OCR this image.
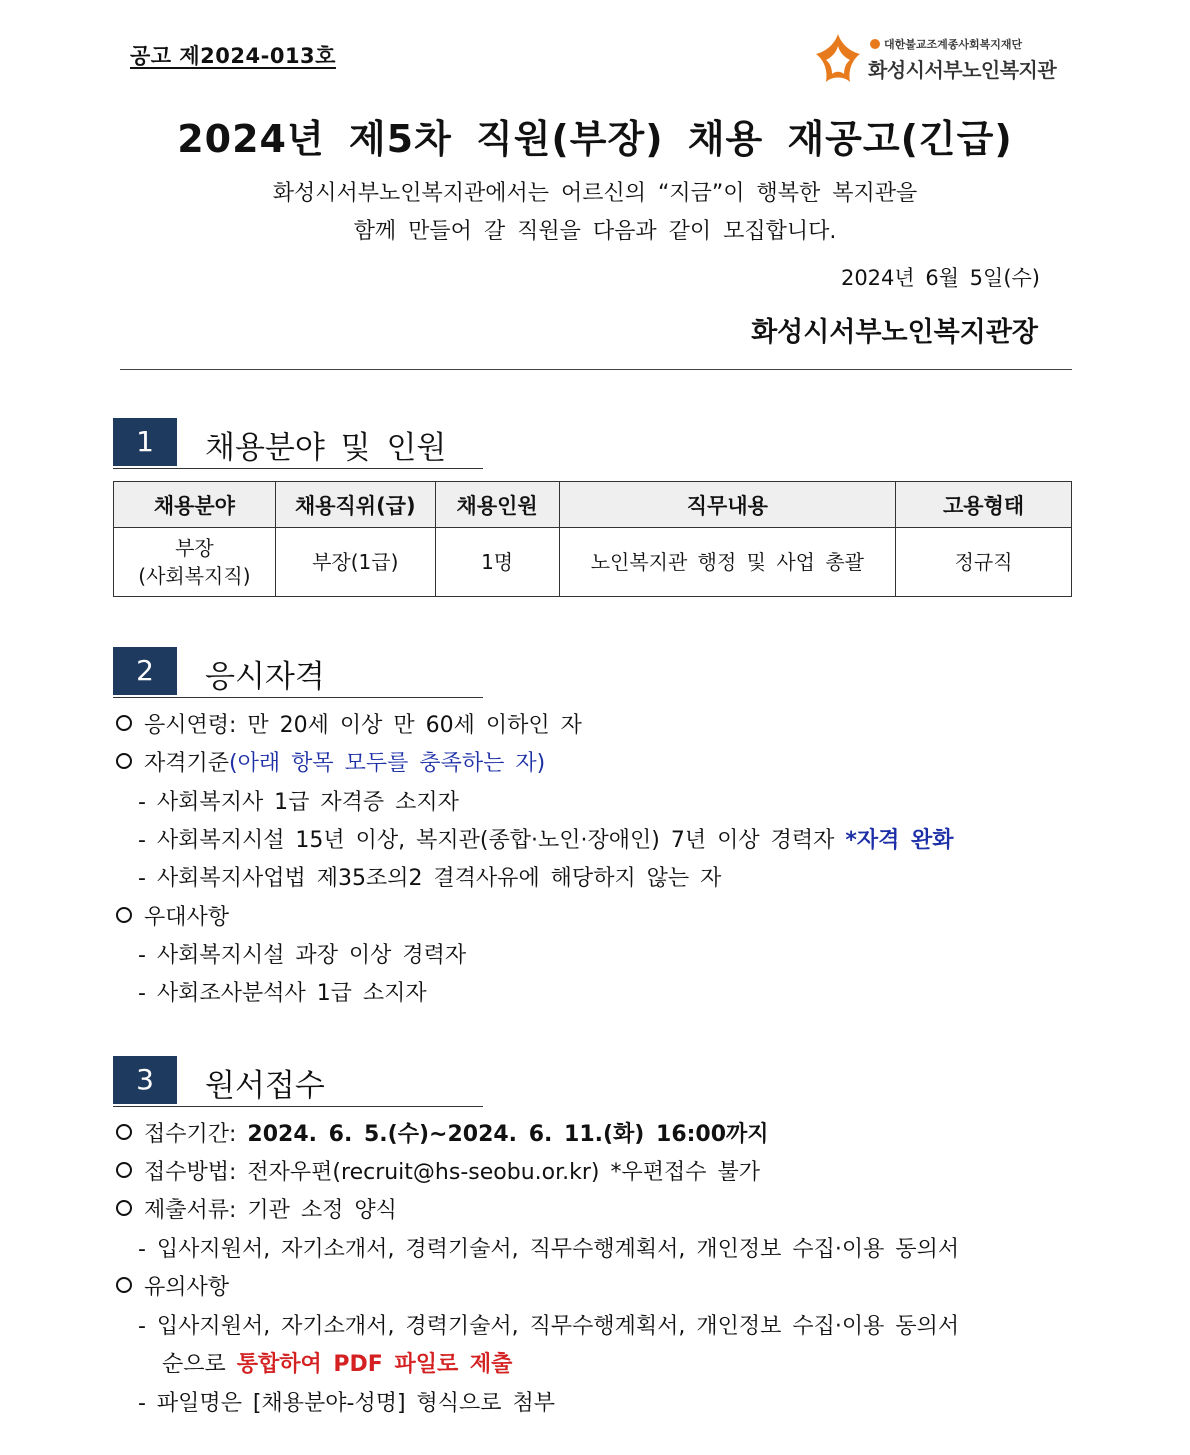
공고 제2024-013호	대한불교조계종사회복지재단
화성시서부노인복지관
2024년 제5차 직원(부장) 채용 재공고(긴급)
화성시서부노인복지관에서는 어르신의 “지금”이 행복한 복지관을
함께 만들어 갈 직원을 다음과 같이 모집합니다.
2024년 6월 5일(수)
화성시서부노인복지관장
1	채용분야 및 인원
채용분야	채용직위(급)	채용인원	직무내용	고용형태

부장
(사회복지직)	부장(1급)	1명	노인복지관 행정 및 사업 총괄	정규직
2	응시자격
응시연령: 만 20세 이상 만 60세 이하인 자
자격기준(아래 항목 모두를 충족하는 자)
- 사회복지사 1급 자격증 소지자
- 사회복지시설 15년 이상, 복지관(종합·노인·장애인) 7년 이상 경력자 *자격 완화
- 사회복지사업법 제35조의2 결격사유에 해당하지 않는 자
우대사항
- 사회복지시설 과장 이상 경력자
- 사회조사분석사 1급 소지자
3	원서접수
접수기간: 2024. 6. 5.(수)~2024. 6. 11.(화) 16:00까지
접수방법: 전자우편(recruit@hs-seobu.or.kr) *우편접수 불가
제출서류: 기관 소정 양식
- 입사지원서, 자기소개서, 경력기술서, 직무수행계획서, 개인정보 수집·이용 동의서
유의사항
- 입사지원서, 자기소개서, 경력기술서, 직무수행계획서, 개인정보 수집·이용 동의서
순으로 통합하여 PDF 파일로 제출
- 파일명은 [채용분야-성명] 형식으로 첨부
